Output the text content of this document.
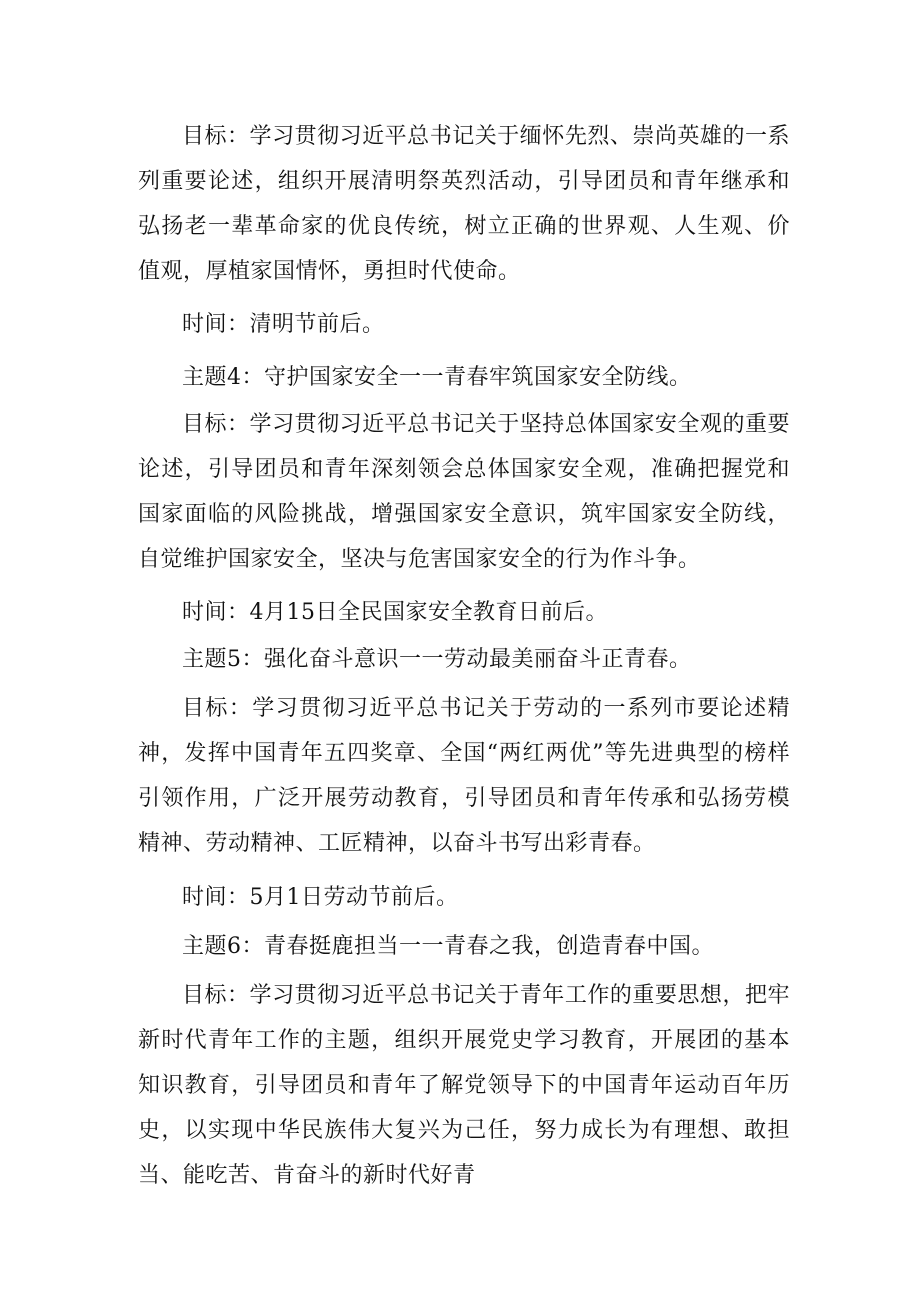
目标：学习贯彻习近平总书记关于缅怀先烈、崇尚英雄的一系列重要论述，组织开展清明祭英烈活动，引导团员和青年继承和弘扬老一辈革命家的优良传统，树立正确的世界观、人生观、价值观，厚植家国情怀，勇担时代使命。

时间：清明节前后。

主题4：守护国家安全一一青春牢筑国家安全防线。

目标：学习贯彻习近平总书记关于坚持总体国家安全观的重要论述，引导团员和青年深刻领会总体国家安全观，准确把握党和国家面临的风险挑战，增强国家安全意识，筑牢国家安全防线，自觉维护国家安全，坚决与危害国家安全的行为作斗争。

时间：4月15日全民国家安全教育日前后。

主题5：强化奋斗意识一一劳动最美丽奋斗正青春。

目标：学习贯彻习近平总书记关于劳动的一系列市要论述精神，发挥中国青年五四奖章、全国“两红两优”等先进典型的榜样引领作用，广泛开展劳动教育，引导团员和青年传承和弘扬劳模精神、劳动精神、工匠精神，以奋斗书写出彩青春。

时间：5月1日劳动节前后。

主题6：青春挺鹿担当一一青春之我，创造青春中国。

目标：学习贯彻习近平总书记关于青年工作的重要思想，把牢新时代青年工作的主题，组织开展党史学习教育，开展团的基本知识教育，引导团员和青年了解党领导下的中国青年运动百年历史，以实现中华民族伟大复兴为己任，努力成长为有理想、敢担当、能吃苦、肯奋斗的新时代好青
